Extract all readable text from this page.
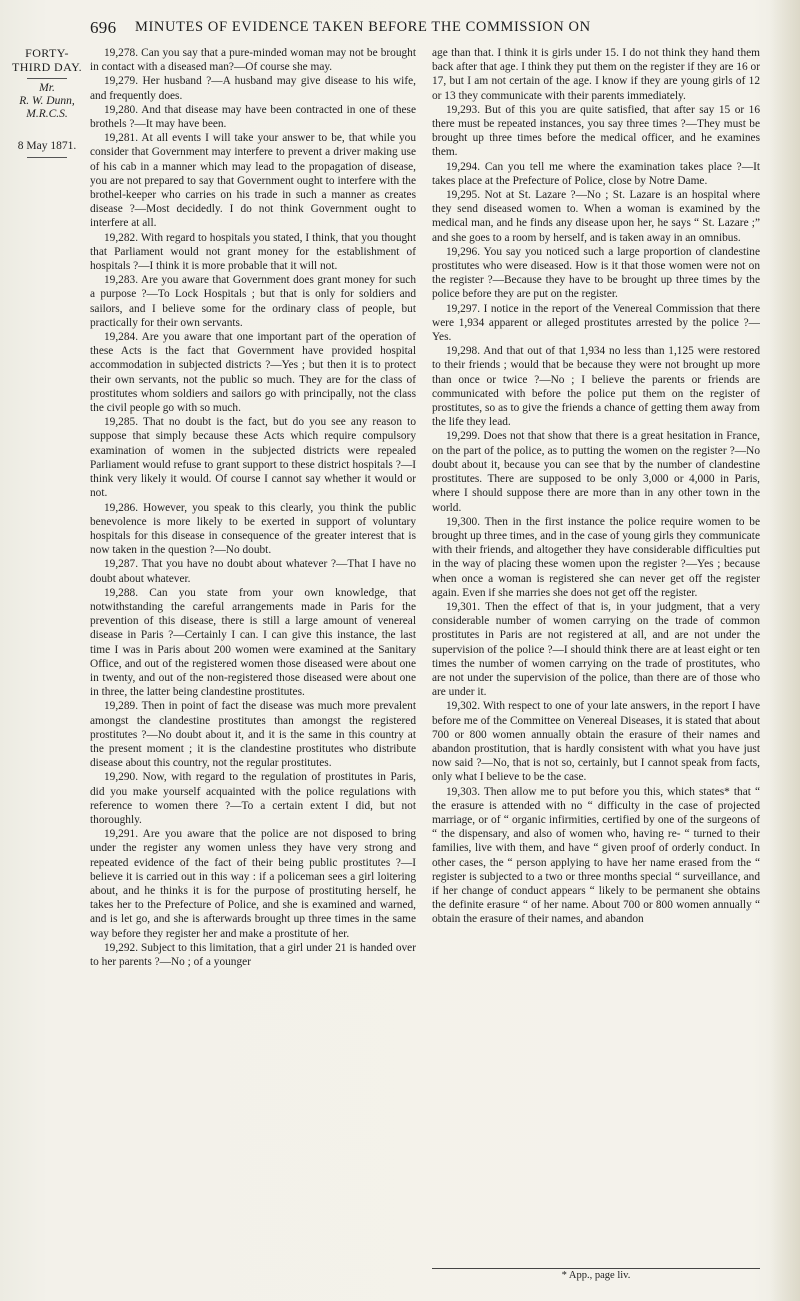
696 MINUTES OF EVIDENCE TAKEN BEFORE THE COMMISSION ON
FORTY-
THIRD DAY.
Mr.
R. W. Dunn,
M.R.C.S.
8 May 1871.

19,278. Can you say that a pure-minded woman may not be brought in contact with a diseased man?—Of course she may.

19,279. Her husband ?—A husband may give disease to his wife, and frequently does.

19,280. And that disease may have been contracted in one of these brothels ?—It may have been.

19,281. At all events I will take your answer to be, that while you consider that Government may interfere to prevent a driver making use of his cab in a manner which may lead to the propagation of disease, you are not prepared to say that Government ought to interfere with the brothel-keeper who carries on his trade in such a manner as creates disease ?—Most decidedly. I do not think Government ought to interfere at all.

19,282. With regard to hospitals you stated, I think, that you thought that Parliament would not grant money for the establishment of hospitals ?—I think it is more probable that it will not.

19,283. Are you aware that Government does grant money for such a purpose ?—To Lock Hospitals ; but that is only for soldiers and sailors, and I believe some for the ordinary class of people, but practically for their own servants.

19,284. Are you aware that one important part of the operation of these Acts is the fact that Government have provided hospital accommodation in subjected districts ?—Yes ; but then it is to protect their own servants, not the public so much. They are for the class of prostitutes whom soldiers and sailors go with principally, not the class the civil people go with so much.

19,285. That no doubt is the fact, but do you see any reason to suppose that simply because these Acts which require compulsory examination of women in the subjected districts were repealed Parliament would refuse to grant support to these district hospitals ?—I think very likely it would. Of course I cannot say whether it would or not.

19,286. However, you speak to this clearly, you think the public benevolence is more likely to be exerted in support of voluntary hospitals for this disease in consequence of the greater interest that is now taken in the question ?—No doubt.

19,287. That you have no doubt about whatever ?—That I have no doubt about whatever.

19,288. Can you state from your own knowledge, that notwithstanding the careful arrangements made in Paris for the prevention of this disease, there is still a large amount of venereal disease in Paris ?—Certainly I can. I can give this instance, the last time I was in Paris about 200 women were examined at the Sanitary Office, and out of the registered women those diseased were about one in twenty, and out of the non-registered those diseased were about one in three, the latter being clandestine prostitutes.

19,289. Then in point of fact the disease was much more prevalent amongst the clandestine prostitutes than amongst the registered prostitutes ?—No doubt about it, and it is the same in this country at the present moment ; it is the clandestine prostitutes who distribute disease about this country, not the regular prostitutes.

19,290. Now, with regard to the regulation of prostitutes in Paris, did you make yourself acquainted with the police regulations with reference to women there ?—To a certain extent I did, but not thoroughly.

19,291. Are you aware that the police are not disposed to bring under the register any women unless they have very strong and repeated evidence of the fact of their being public prostitutes ?—I believe it is carried out in this way : if a policeman sees a girl loitering about, and he thinks it is for the purpose of prostituting herself, he takes her to the Prefecture of Police, and she is examined and warned, and is let go, and she is afterwards brought up three times in the same way before they register her and make a prostitute of her.

19,292. Subject to this limitation, that a girl under 21 is handed over to her parents ?—No ; of a younger

age than that. I think it is girls under 15. I do not think they hand them back after that age. I think they put them on the register if they are 16 or 17, but I am not certain of the age. I know if they are young girls of 12 or 13 they communicate with their parents immediately.

19,293. But of this you are quite satisfied, that after say 15 or 16 there must be repeated instances, you say three times ?—They must be brought up three times before the medical officer, and he examines them.

19,294. Can you tell me where the examination takes place ?—It takes place at the Prefecture of Police, close by Notre Dame.

19,295. Not at St. Lazare ?—No ; St. Lazare is an hospital where they send diseased women to. When a woman is examined by the medical man, and he finds any disease upon her, he says “ St. Lazare ;” and she goes to a room by herself, and is taken away in an omnibus.

19,296. You say you noticed such a large proportion of clandestine prostitutes who were diseased. How is it that those women were not on the register ?—Because they have to be brought up three times by the police before they are put on the register.

19,297. I notice in the report of the Venereal Commission that there were 1,934 apparent or alleged prostitutes arrested by the police ?—Yes.

19,298. And that out of that 1,934 no less than 1,125 were restored to their friends ; would that be because they were not brought up more than once or twice ?—No ; I believe the parents or friends are communicated with before the police put them on the register of prostitutes, so as to give the friends a chance of getting them away from the life they lead.

19,299. Does not that show that there is a great hesitation in France, on the part of the police, as to putting the women on the register ?—No doubt about it, because you can see that by the number of clandestine prostitutes. There are supposed to be only 3,000 or 4,000 in Paris, where I should suppose there are more than in any other town in the world.

19,300. Then in the first instance the police require women to be brought up three times, and in the case of young girls they communicate with their friends, and altogether they have considerable difficulties put in the way of placing these women upon the register ?—Yes ; because when once a woman is registered she can never get off the register again. Even if she marries she does not get off the register.

19,301. Then the effect of that is, in your judgment, that a very considerable number of women carrying on the trade of common prostitutes in Paris are not registered at all, and are not under the supervision of the police ?—I should think there are at least eight or ten times the number of women carrying on the trade of prostitutes, who are not under the supervision of the police, than there are of those who are under it.

19,302. With respect to one of your late answers, in the report I have before me of the Committee on Venereal Diseases, it is stated that about 700 or 800 women annually obtain the erasure of their names and abandon prostitution, that is hardly consistent with what you have just now said ?—No, that is not so, certainly, but I cannot speak from facts, only what I believe to be the case.

19,303. Then allow me to put before you this, which states* that “ the erasure is attended with no “ difficulty in the case of projected marriage, or of “ organic infirmities, certified by one of the surgeons of “ the dispensary, and also of women who, having re- “ turned to their families, live with them, and have “ given proof of orderly conduct. In other cases, the “ person applying to have her name erased from the “ register is subjected to a two or three months special “ surveillance, and if her change of conduct appears “ likely to be permanent she obtains the definite erasure “ of her name. About 700 or 800 women annually “ obtain the erasure of their names, and abandon

* App., page liv.
